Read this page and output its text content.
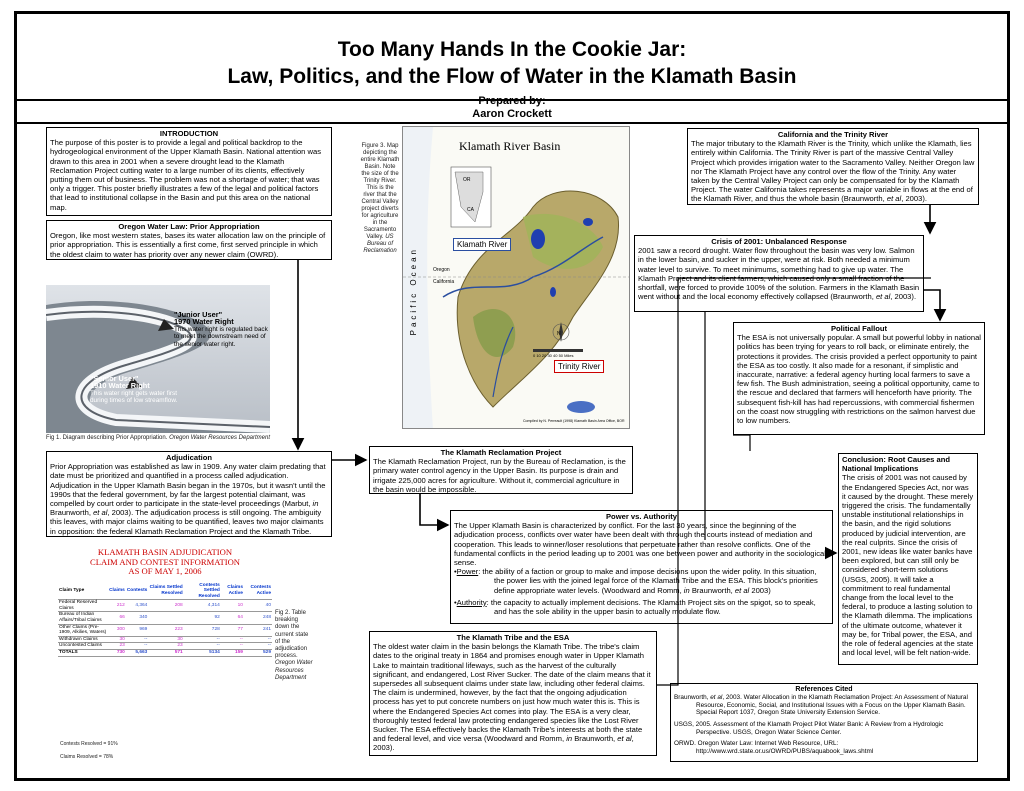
Too Many Hands In the Cookie Jar:
Law, Politics, and the Flow of Water in the Klamath Basin
Prepared by:
Aaron Crockett
INTRODUCTION

The purpose of this poster is to provide a legal and political backdrop to the hydrogeological environment of the Upper Klamath Basin. National attention was drawn to this area in 2001 when a severe drought lead to the Klamath Reclamation Project cutting water to a large number of its clients, effectively putting them out of business. The problem was not a shortage of water; that was only a trigger. This poster briefly illustrates a few of the legal and political factors that lead to institutional collapse in the Basin and put this area on the national map.

Oregon Water Law: Prior Appropriation

Oregon, like most western states, bases its water allocation law on the principle of prior appropriation. This is essentially a first come, first served principle in which the oldest claim to water has priority over any newer claim (OWRD).

"Junior User"
1970 Water Right
This water right is regulated back to meet the downstream need of the senior water right.
"Senior User"
1910 Water Right
This water right gets water first during times of low streamflow.
Fig 1. Diagram describing Prior Appropriation. Oregon Water Resources Department
Adjudication

Prior Appropriation was established as law in 1909. Any water claim predating that date must be prioritized and quantified in a process called adjudication. Adjudication in the Upper Klamath Basin began in the 1970s, but it wasn't until the 1990s that the federal government, by far the largest potential claimant, was compelled by court order to participate in the state-level proceedings (Marbut, in Braunworth, et al, 2003). The adjudication process is still ongoing. The ambiguity this leaves, with major claims waiting to be quantified, leaves two major claimants in opposition: the federal Klamath Reclamation Project and the Klamath Tribe.

KLAMATH BASIN ADJUDICATION
CLAIM AND CONTEST INFORMATION
AS OF MAY 1, 2006
Claim Type	Claims	Contests	Claims Settled Resolved	Contests Settled Resolved	Claims Active	Contests Active
Federal Reserved Claims	212	4,364	208	4,314	10	40
Bureau of Indian Affairs/Tribal Claims	66	340		92	64	248
Other Claims (Pre-1909, Alkilies, Waters)	300	969	223	728	77	241
Withdrawn Claims	30	--	30	--	--	--
Uncontested Claims	23	--	23	--	--	--
TOTALS	730	5,663	571	5134	159	529
Contests Resolved = 91%
Claims Resolved = 78%
Fig 2. Table breaking down the current state of the adjudication process. Oregon Water Resources Department
Figure 3. Map depicting the entire Klamath Basin. Note the size of the Trinity River. This is the river that the Central Valley project diverts for agriculture in the Sacramento Valley. US Bureau of Reclamation
Klamath River Basin
Pacific Ocean
OR
CA
Oregon
California
N
0 10 20 30 40 50 Miles
Compiled by N. Perreault (1998) Klamath Basin Area Office, BOR
Klamath River
Trinity River
The Klamath Reclamation Project

The Klamath Reclamation Project, run by the Bureau of Reclamation, is the primary water control agency in the Upper Basin. Its purpose is drain and irrigate 225,000 acres for agriculture. Without it, commercial agriculture in the basin would be impossible.

Power vs. Authority

The Upper Klamath Basin is characterized by conflict. For the last 30 years, since the beginning of the adjudication process, conflicts over water have been dealt with through the courts instead of mediation and cooperation. This leads to winner/loser resolutions that perpetuate rather than resolve conflicts. One of the fundamental conflicts in the period leading up to 2001 was one between power and authority in the sociological sense.

•Power: the ability of a faction or group to make and impose decisions upon the wider polity. In this situation, the power lies with the joined legal force of the Klamath Tribe and the ESA. This block's priorities define appropriate water levels. (Woodward and Romm, in Braunworth, et al 2003)

•Authority: the capacity to actually implement decisions. The Klamath Project sits on the spigot, so to speak, and has the sole ability in the upper basin to actually modulate flow.

The Klamath Tribe and the ESA

The oldest water claim in the basin belongs the Klamath Tribe. The tribe's claim dates to the original treaty in 1864 and promises enough water in Upper Klamath Lake to maintain traditional lifeways, such as the harvest of the culturally significant, and endangered, Lost River Sucker. The date of the claim means that it supersedes all subsequent claims under state law, including other federal claims. The claim is undermined, however, by the fact that the ongoing adjudication process has yet to put concrete numbers on just how much water this is. This is where the Endangered Species Act comes into play. The ESA is a very clear, thoroughly tested federal law protecting endangered species like the Lost River Sucker. The ESA effectively backs the Klamath Tribe's interests at both the state and federal level, and vice versa (Woodward and Romm, in Braunworth, et al, 2003).

California and the Trinity River

The major tributary to the Klamath River is the Trinity, which unlike the Klamath, lies entirely within California. The Trinity River is part of the massive Central Valley Project which provides irrigation water to the Sacramento Valley. Neither Oregon law nor The Klamath Project have any control over the flow of the Trinity. Any water taken by the Central Valley Project can only be compensated for by the Klamath Project. The water California takes represents a major variable in flows at the end of the Klamath River, and thus the whole basin (Braunworth, et al, 2003).

Crisis of 2001: Unbalanced Response

2001 saw a record drought. Water flow throughout the basin was very low. Salmon in the lower basin, and sucker in the upper, were at risk. Both needed a minimum water level to survive. To meet minimums, something had to give up water. The Klamath Project and its client farmers, which caused only a small fraction of the shortfall, were forced to provide 100% of the solution. Farmers in the Klamath Basin went without and the local economy effectively collapsed (Braunworth, et al, 2003).

Political Fallout

The ESA is not universally popular. A small but powerful lobby in national politics has been trying for years to roll back, or eliminate entirely, the protections it provides. The crisis provided a perfect opportunity to paint the ESA as too costly. It also made for a resonant, if simplistic and inaccurate, narrative: a federal agency hurting local farmers to save a few fish. The Bush administration, seeing a political opportunity, came to the rescue and declared that farmers will henceforth have priority. The subsequent fish-kill has had repercussions, with commercial fishermen on the coast now struggling with restrictions on the salmon harvest due to low numbers.

Conclusion: Root Causes and
National Implications

The crisis of 2001 was not caused by the Endangered Species Act, nor was it caused by the drought. These merely triggered the crisis. The fundamentally unstable institutional relationships in the basin, and the rigid solutions produced by judicial intervention, are the real culprits. Since the crisis of 2001, new ideas like water banks have been explored, but can still only be considered short-term solutions (USGS, 2005). It will take a commitment to real fundamental change from the local level to the federal, to produce a lasting solution to the Klamath dilemma. The implications of the ultimate outcome, whatever it may be, for Tribal power, the ESA, and the role of federal agencies at the state and local level, will be felt nation-wide.

References Cited

Braunworth, et al, 2003. Water Allocation in the Klamath Reclamation Project: An Assessment of Natural Resource, Economic, Social, and Institutional Issues with a Focus on the Upper Klamath Basin. Special Report 1037, Oregon State University Extension Service.

USGS, 2005. Assessment of the Klamath Project Pilot Water Bank: A Review from a Hydrologic Perspective. USGS, Oregon Water Science Center.

ORWD. Oregon Water Law: Internet Web Resource, URL: http://www.wrd.state.or.us/OWRD/PUBS/aquabook_laws.shtml
